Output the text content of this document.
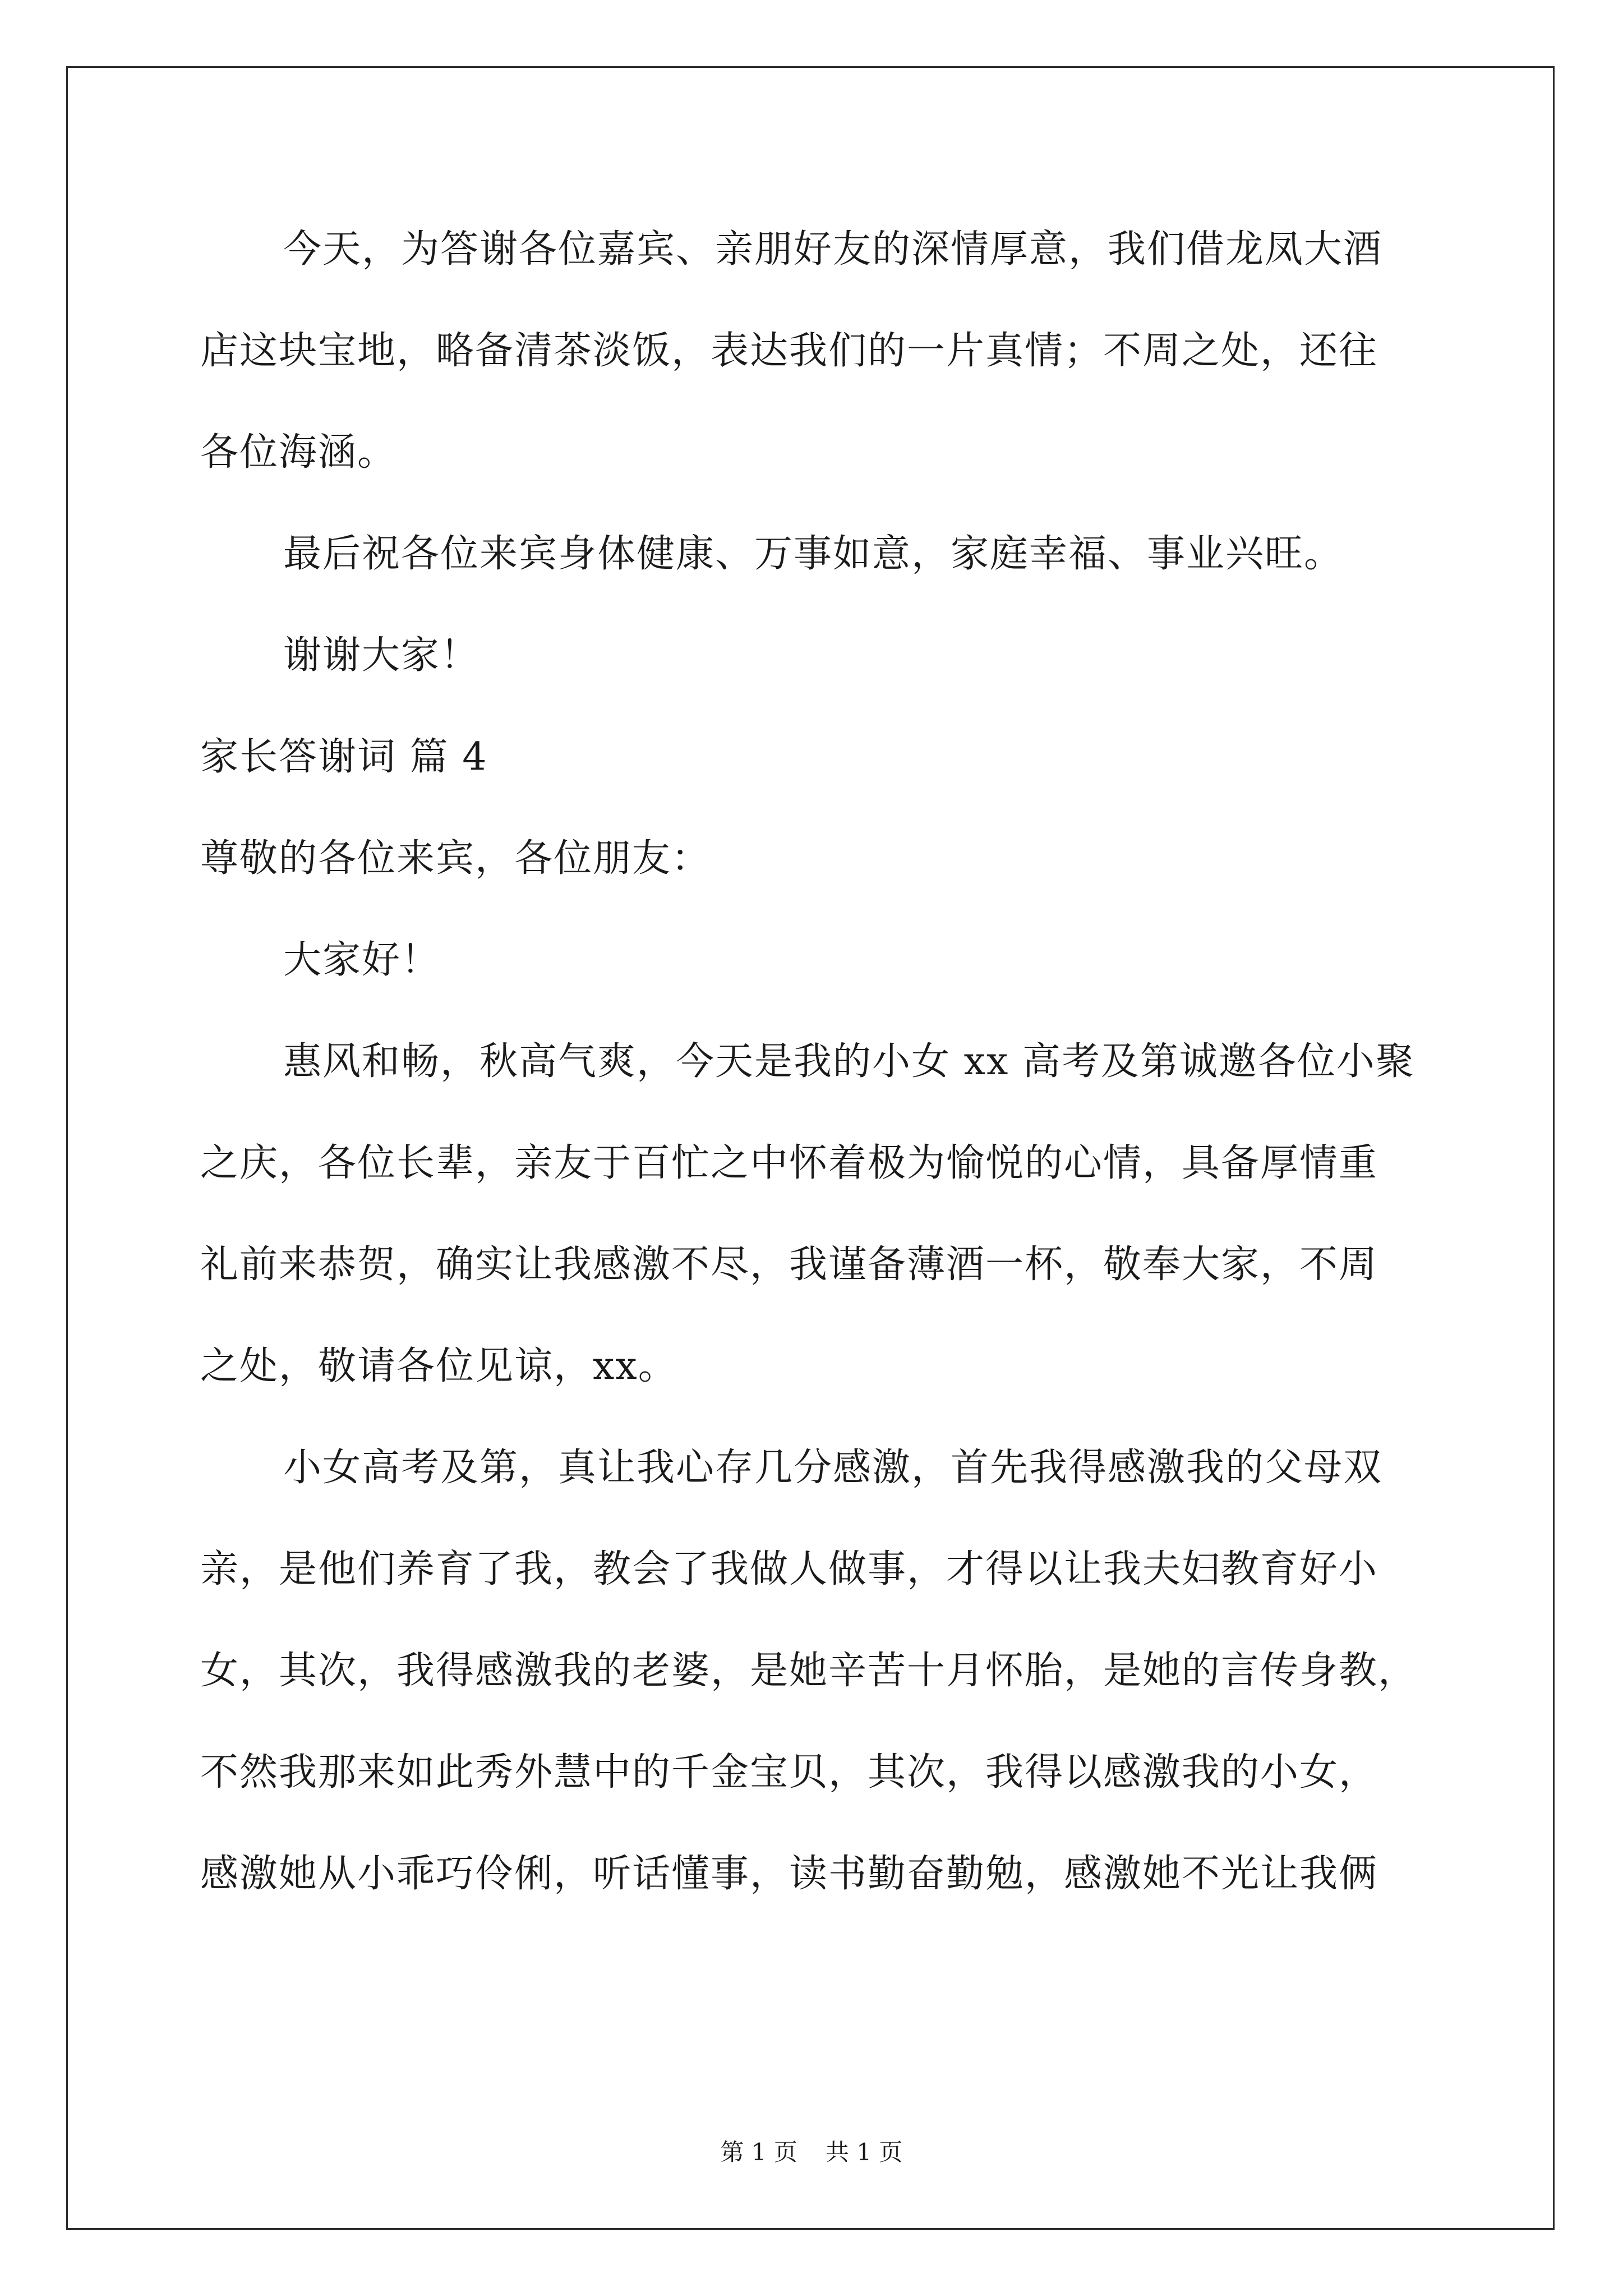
今天，为答谢各位嘉宾、亲朋好友的深情厚意，我们借龙凤大酒
店这块宝地，略备清茶淡饭，表达我们的一片真情；不周之处，还往
各位海涵。
最后祝各位来宾身体健康、万事如意，家庭幸福、事业兴旺。
谢谢大家！
家长答谢词 篇 4
尊敬的各位来宾，各位朋友：
大家好！
惠风和畅，秋高气爽，今天是我的小女 xx 高考及第诚邀各位小聚
之庆，各位长辈，亲友于百忙之中怀着极为愉悦的心情，具备厚情重
礼前来恭贺，确实让我感激不尽，我谨备薄酒一杯，敬奉大家，不周
之处，敬请各位见谅，xx。
小女高考及第，真让我心存几分感激，首先我得感激我的父母双
亲，是他们养育了我，教会了我做人做事，才得以让我夫妇教育好小
女，其次，我得感激我的老婆，是她辛苦十月怀胎，是她的言传身教，
不然我那来如此秀外慧中的千金宝贝，其次，我得以感激我的小女，
感激她从小乖巧伶俐，听话懂事，读书勤奋勤勉，感激她不光让我俩
第 1 页 共 1 页
